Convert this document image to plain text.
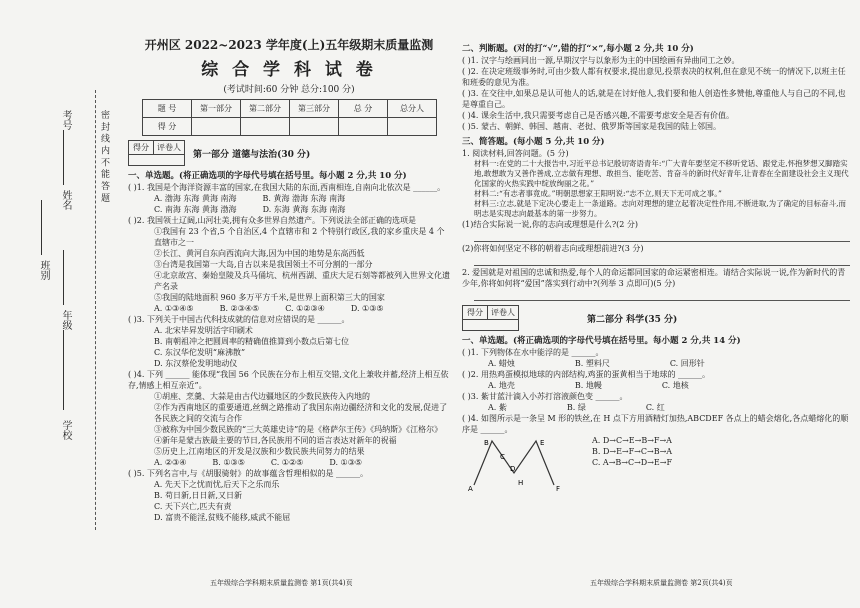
学校
年级
班别
姓名
考号	密 封 线 内 不 能 答 题

开州区 2022~2023 学年度(上)五年级期末质量监测

综 合 学 科 试 卷

(考试时间:60 分钟 总分:100 分)

题 号	第一部分	第二部分	第三部分	总 分	总分人
得 分					
得分 评卷人
第一部分 道德与法治(30 分)

一、单选题。(将正确选项的字母代号填在括号里。每小题 2 分,共 10 分)

( )1. 我国是个海洋资源丰富的国家,在我国大陆的东面,西南相连,自南向北依次是 ______。

A. 渤海 东海 黄海 南海	B. 黄海 渤海 东海 南海
C. 南海 东海 黄海 渤海	D. 东海 黄海 东海 南海

( )2. 我国领土辽阔,山河壮美,拥有众多世界自然遗产。下列说法全部正确的选项是

①我国有 23 个省,5 个自治区,4 个直辖市和 2 个特别行政区,我的家乡重庆是 4 个直辖市之一
②长江、黄河自东向西流向大海,因为中国的地势是东高西低
③台湾是我国第一大岛,自古以来是我国领土不可分割的一部分
④北京故宫、秦始皇陵及兵马俑坑、杭州西湖、重庆大足石刻等都被列入世界文化遗产名录
⑤我国的陆地面积 960 多万平方千米,是世界上面积第三大的国家
A. ①③④⑤	B. ②③④⑤	C. ①②③④	D. ①③⑤

( )3. 下列关于中国古代科技成就的信息对应错误的是 ______。

A. 北宋毕昇发明活字印刷术
B. 南朝祖冲之把圆周率的精确值推算到小数点后第七位
C. 东汉华佗发明“麻沸散”
D. 东汉蔡伦发明地动仪

( )4. 下列 ______ 能体现“我国 56 个民族在分布上相互交错,文化上兼收并蓄,经济上相互依存,情感上相互亲近”。

①胡座、烹羹、大蒜是由古代边疆地区的少数民族传入内地的
②作为西南地区的重要通道,丝绸之路推动了我国东南边疆经济和文化的发展,促进了各民族之间的交流与合作
③被称为中国少数民族的“三大英雄史诗”的是《格萨尔王传》《玛纳斯》《江格尔》
④新年是蒙古族最主要的节日,各民族用不同的语言表达对新年的祝福
⑤历史上,江南地区的开发是汉族和少数民族共同努力的结果
A. ②③④	B. ①③⑤	C. ①②⑤	D. ①③⑤

( )5. 下列名言中,与《胡服骑射》的故事蕴含哲理相似的是 ______。

A. 先天下之忧而忧,后天下之乐而乐
B. 苟日新,日日新,又日新
C. 天下兴亡,匹夫有责
D. 富贵不能淫,贫贱不能移,威武不能屈
五年级综合学科期末质量监测卷 第1页(共4)页

二、判断题。(对的打“√”,错的打“×”,每小题 2 分,共 10 分)

( )1. 汉字与绘画同出一源,早期汉字与以象形为主的中国绘画有异曲同工之妙。

( )2. 在决定班级事务时,可由少数人都有权要求,提出意见,投票表决的权利,但在意见不统一的情况下,以班主任和班委的意见为准。

( )3. 在交往中,如果总是认可他人的话,就是在讨好他人,我们要和他人创造性多赞他,尊重他人与自己的不同,也是尊重自己。

( )4. 课余生活中,我只需要考虑自己是否感兴趣,不需要考虑安全是否有价值。

( )5. 蒙古、朝鲜、韩国、越南、老挝、俄罗斯等国家是我国的陆上邻国。

三、简答题。(每小题 5 分,共 10 分)

1. 阅读材料,回答问题。(5 分)

材料一:在党的二十大报告中,习近平总书记殷切寄语青年:“广大青年要坚定不移听党话、跟党走,怀抱梦想又脚踏实地,敢想敢为又善作善成,立志做有理想、敢担当、能吃苦、肯奋斗的新时代好青年,让青春在全面建设社会主义现代化国家的火热实践中绽放绚丽之花。”

材料二:“有志者事竟成。”明朝思想家王阳明说:“志不立,则天下无可成之事。”

材料三:立志,就是下定决心要走上一条道路。志向对理想的建立起着决定性作用,不断进取,为了确定的目标奋斗,而明志是实现志向最基本的第一步努力。

(1)结合实际说一说,你的志向或理想是什么?(2 分)

(2)你将如何坚定不移的朝着志向或理想前进?(3 分)

2. 爱国就是对祖国的忠诚和热爱,每个人的命运都同国家的命运紧密相连。请结合实际说一说,作为新时代的青少年,你将如何将“爱国”落实到行动中?(列举 3 点即可)(5 分)

得分 评卷人
第二部分 科学(35 分)

一、单选题。(将正确选项的字母代号填在括号里。每小题 2 分,共 14 分)

( )1. 下列物体在水中能浮的是 ______。

A. 蜡烛	B. 塑料尺	C. 回形针

( )2. 用热鸡蛋模拟地球的内部结构,鸡蛋的蛋黄相当于地球的 ______。

A. 地壳	B. 地幔	C. 地核

( )3. 紫甘蓝汁滴入小苏打溶液颜色变 ______。

A. 紫	B. 绿	C. 红

( )4. 如图所示是一条呈 M 形的铁丝,在 H 点下方用酒精灯加热,ABCDEF 各点上的蜡会熔化,各点蜡熔化的顺序是 ______。

A
B
C
D
E
F
H
A. D→C→E→B→F→A
B. D→E→F→C→B→A
C. A→B→C→D→E→F
五年级综合学科期末质量监测卷 第2页(共4)页
